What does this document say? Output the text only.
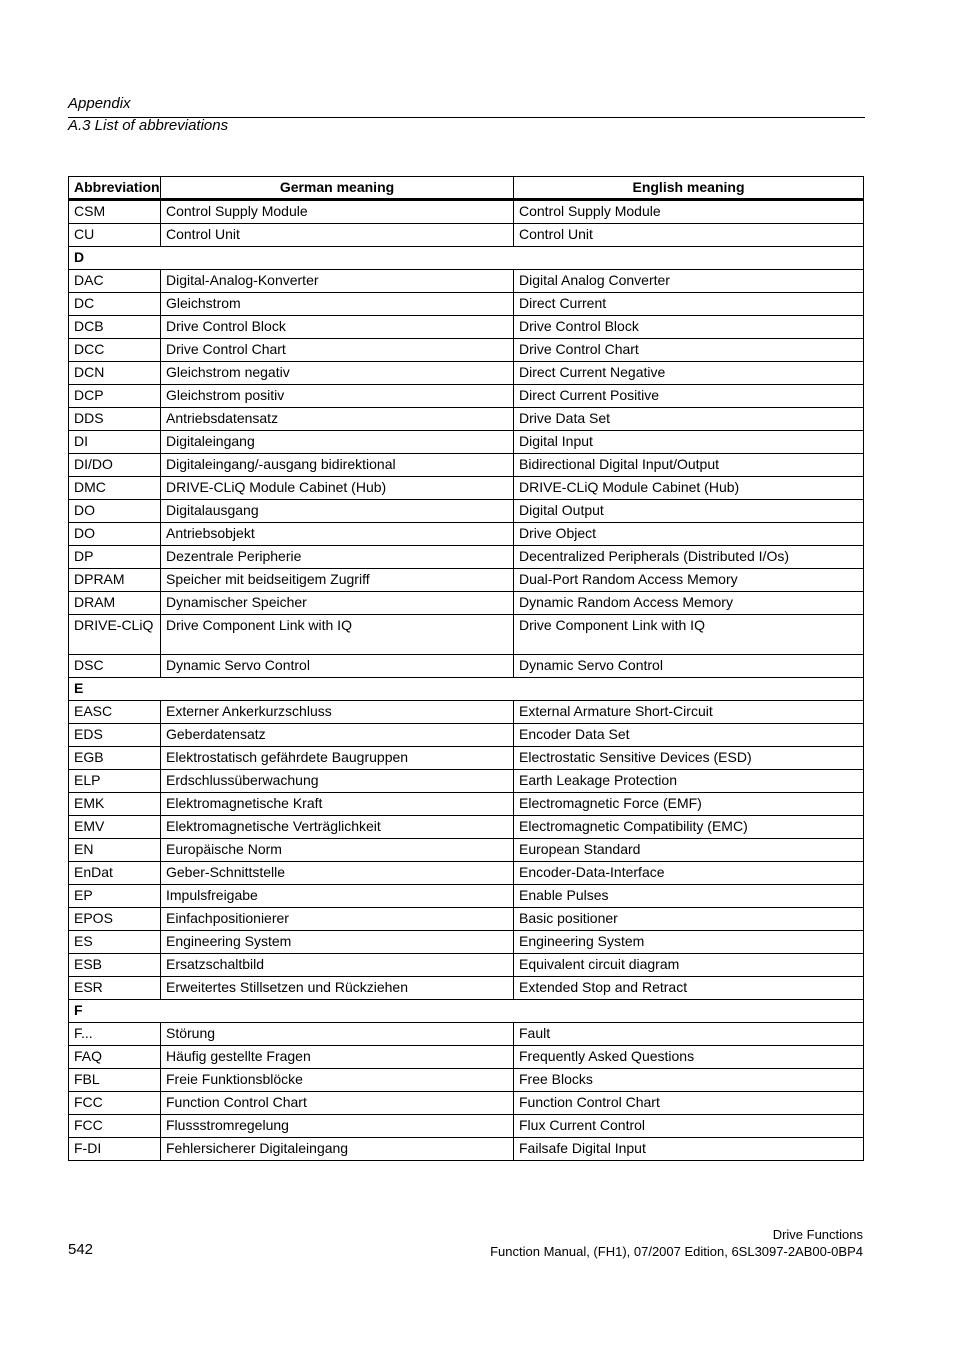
Appendix
A.3 List of abbreviations
Abbreviation	German meaning	English meaning
CSM	Control Supply Module	Control Supply Module
CU	Control Unit	Control Unit
D		
DAC	Digital-Analog-Konverter	Digital Analog Converter
DC	Gleichstrom	Direct Current
DCB	Drive Control Block	Drive Control Block
DCC	Drive Control Chart	Drive Control Chart
DCN	Gleichstrom negativ	Direct Current Negative
DCP	Gleichstrom positiv	Direct Current Positive
DDS	Antriebsdatensatz	Drive Data Set
DI	Digitaleingang	Digital Input
DI/DO	Digitaleingang/-ausgang bidirektional	Bidirectional Digital Input/Output
DMC	DRIVE-CLiQ Module Cabinet (Hub)	DRIVE-CLiQ Module Cabinet (Hub)
DO	Digitalausgang	Digital Output
DO	Antriebsobjekt	Drive Object
DP	Dezentrale Peripherie	Decentralized Peripherals (Distributed I/Os)
DPRAM	Speicher mit beidseitigem Zugriff	Dual-Port Random Access Memory
DRAM	Dynamischer Speicher	Dynamic Random Access Memory
DRIVE-CLiQ	Drive Component Link with IQ	Drive Component Link with IQ
DSC	Dynamic Servo Control	Dynamic Servo Control
E		
EASC	Externer Ankerkurzschluss	External Armature Short-Circuit
EDS	Geberdatensatz	Encoder Data Set
EGB	Elektrostatisch gefährdete Baugruppen	Electrostatic Sensitive Devices (ESD)
ELP	Erdschlussüberwachung	Earth Leakage Protection
EMK	Elektromagnetische Kraft	Electromagnetic Force (EMF)
EMV	Elektromagnetische Verträglichkeit	Electromagnetic Compatibility (EMC)
EN	Europäische Norm	European Standard
EnDat	Geber-Schnittstelle	Encoder-Data-Interface
EP	Impulsfreigabe	Enable Pulses
EPOS	Einfachpositionierer	Basic positioner
ES	Engineering System	Engineering System
ESB	Ersatzschaltbild	Equivalent circuit diagram
ESR	Erweitertes Stillsetzen und Rückziehen	Extended Stop and Retract
F		
F...	Störung	Fault
FAQ	Häufig gestellte Fragen	Frequently Asked Questions
FBL	Freie Funktionsblöcke	Free Blocks
FCC	Function Control Chart	Function Control Chart
FCC	Flussstromregelung	Flux Current Control
F-DI	Fehlersicherer Digitaleingang	Failsafe Digital Input
542
Drive Functions
Function Manual, (FH1), 07/2007 Edition, 6SL3097-2AB00-0BP4
